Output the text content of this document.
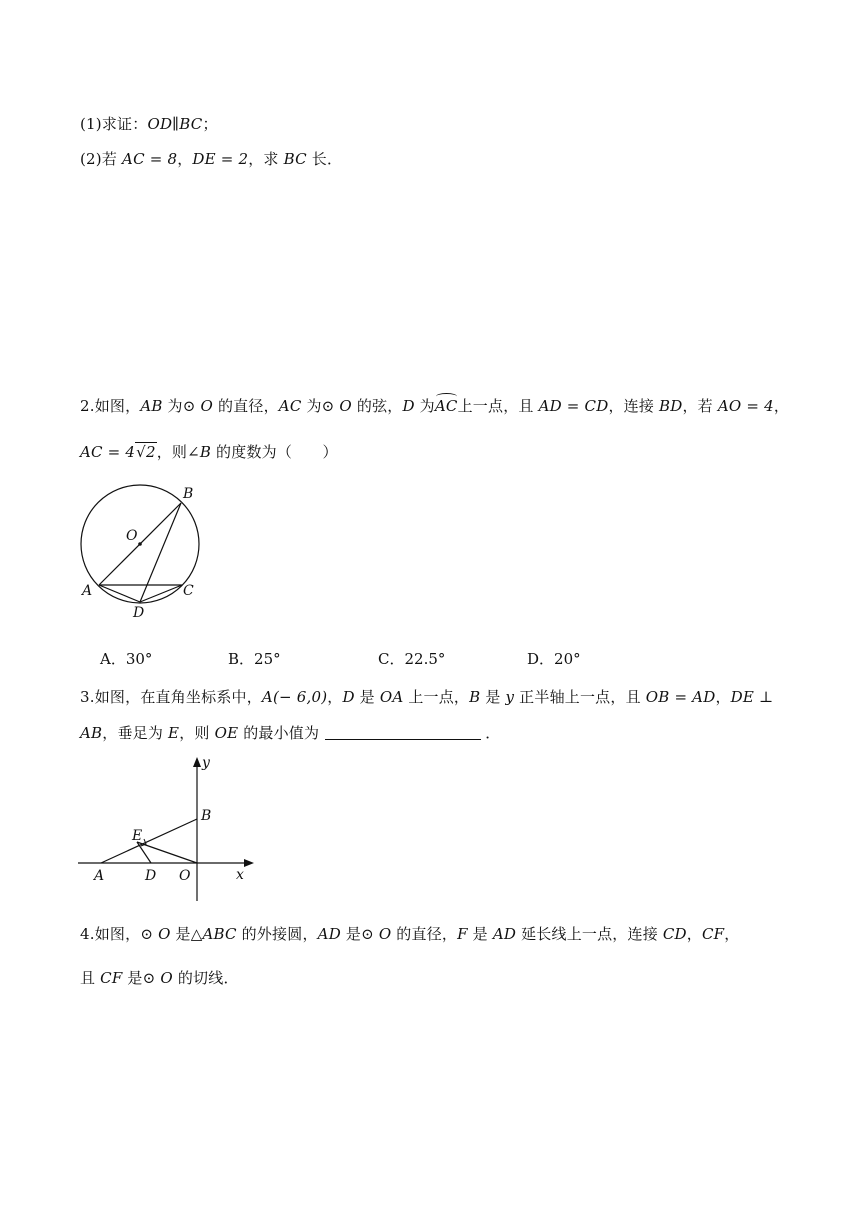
(1)求证：OD∥BC；
(2)若 AC = 8，DE = 2，求 BC 长．
2.如图，AB 为⊙ O 的直径，AC 为⊙ O 的弦，D 为AC上一点，且 AD = CD，连接 BD，若 AO = 4，
AC = 4√2，则∠B 的度数为（　　）
O
B
A	C
D
A．30°	B．25°	C．22.5°	D．20°
3.如图，在直角坐标系中，A(− 6,0)，D 是 OA 上一点，B 是 y 正半轴上一点，且 OB = AD，DE ⊥
AB，垂足为 E，则 OE 的最小值为	．
y
B
E
A	D O	x
4.如图，⊙ O 是△ABC 的外接圆，AD 是⊙ O 的直径，F 是 AD 延长线上一点，连接 CD，CF，
且 CF 是⊙ O 的切线．
